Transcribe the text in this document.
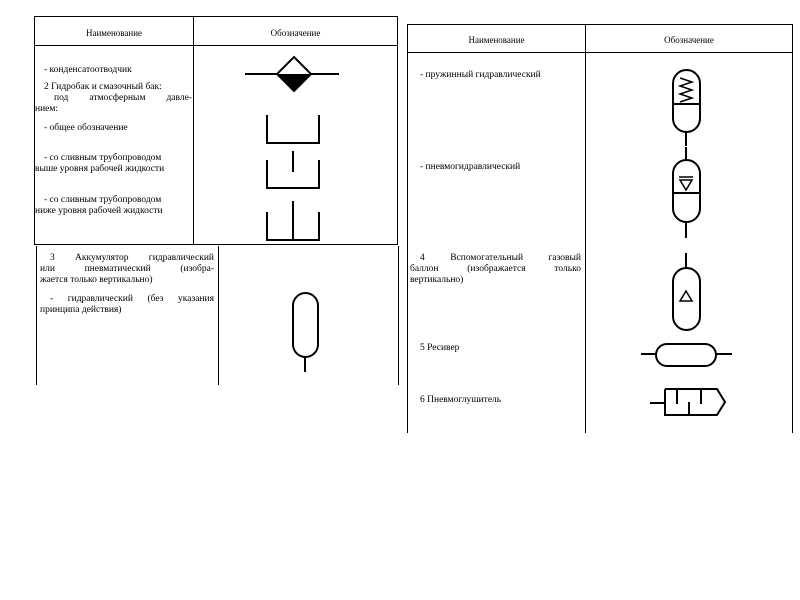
Наименование	Обозначение
- конденсатоотводчик
2 Гидробак и смазочный бак:
под атмосферным давле-
нием:
- общее обозначение
- со сливным трубопроводом
выше уровня рабочей жидкости
- со сливным трубопроводом
ниже уровня рабочей жидкости
3 Аккумулятор гидравлический
или пневматический (изобра-
жается только вертикально)
- гидравлический (без указания
принципа действия)
Наименование	Обозначение
- пружинный гидравлический
- пневмогидравлический
4 Вспомогательный газовый
баллон (изображается только
вертикально)
5 Ресивер
6 Пневмоглушитель
